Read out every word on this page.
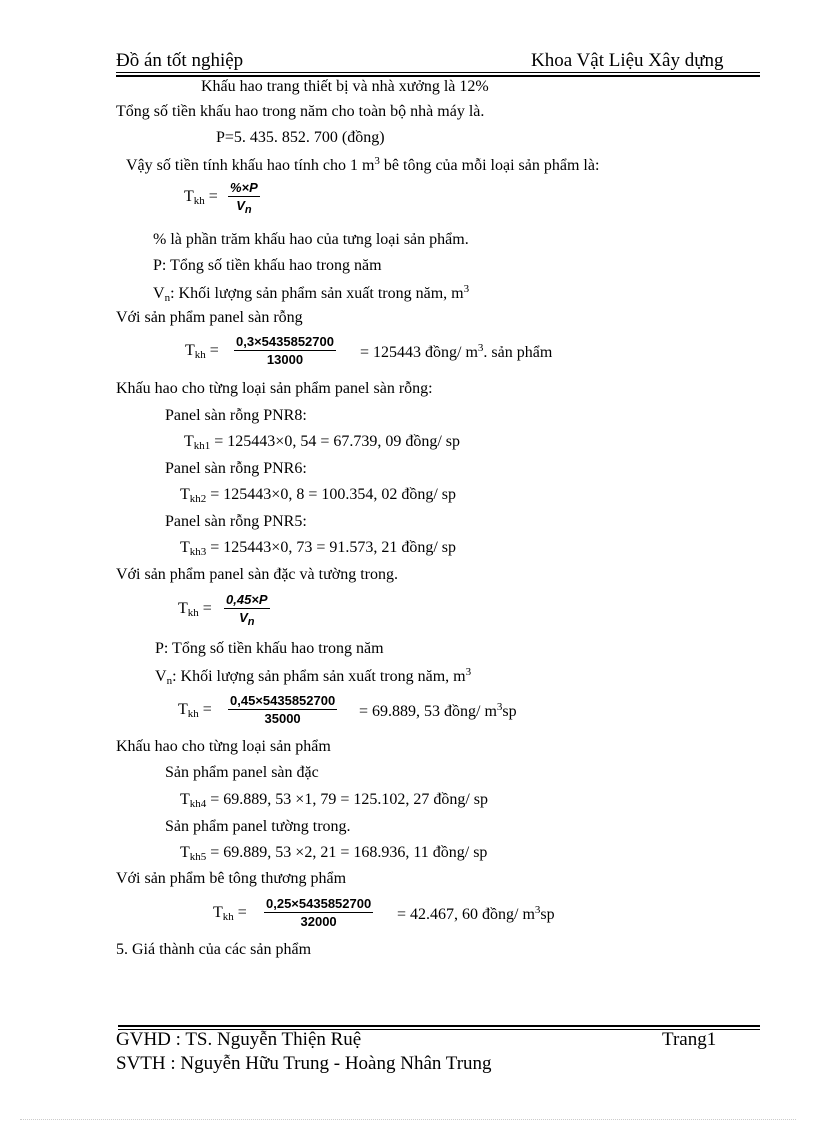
Đồ án tốt nghiệp	Khoa Vật Liệu Xây dựng
Khấu hao trang thiết bị và nhà xưởng là 12%
Tổng số tiền khấu hao trong năm cho toàn bộ nhà máy là.
P=5. 435. 852. 700 (đồng)
Vậy số tiền tính khấu hao tính cho 1 $m^3$ bê tông của mỗi loại sản phẩm là:
$T_{kh} = \frac{\%\times P}{V_n}$
% là phần trăm khấu hao của tưng loại sản phẩm.
P: Tổng số tiền khấu hao trong năm
$V_n$: Khối lượng sản phẩm sản xuất trong năm, $m^3$
Với sản phẩm panel sàn rỗng
$T_{kh} = \frac{0,3\times 5435852700}{13000} = 125443$ đồng/ $m^3$. sản phẩm
Khấu hao cho từng loại sản phẩm panel sàn rỗng:
Panel sàn rỗng PNR8:
$T_{kh1} = 125443\times 0$, 54 = 67.739, 09 đồng/ sp
Panel sàn rỗng PNR6:
$T_{kh2} = 125443\times 0$, 8 = 100.354, 02 đồng/ sp
Panel sàn rỗng PNR5:
$T_{kh3} = 125443\times 0$, 73 = 91.573, 21 đồng/ sp
Với sản phẩm panel sàn đặc và tường trong.
$T_{kh} = \frac{0,45\times P}{V_n}$
P: Tổng số tiền khấu hao trong năm
$V_n$: Khối lượng sản phẩm sản xuất trong năm, $m^3$
$T_{kh} = \frac{0,45\times 5435852700}{35000} = 69.889$, 53 đồng/ $m^3sp$
Khấu hao cho từng loại sản phẩm
Sản phẩm panel sàn đặc
$T_{kh4} = 69.889$, 53 ×1, 79 = 125.102, 27 đồng/ sp
Sản phẩm panel tường trong.
$T_{kh5} = 69.889$, 53 ×2, 21 = 168.936, 11 đồng/ sp
Với sản phẩm bê tông thương phẩm
$T_{kh} = \frac{0,25\times 5435852700}{32000} = 42.467$, 60 đồng/ $m^3sp$
5. Giá thành của các sản phẩm
GVHD : TS. Nguyễn Thiện Ruệ	Trang1
SVTH : Nguyễn Hữu Trung - Hoàng Nhân Trung
